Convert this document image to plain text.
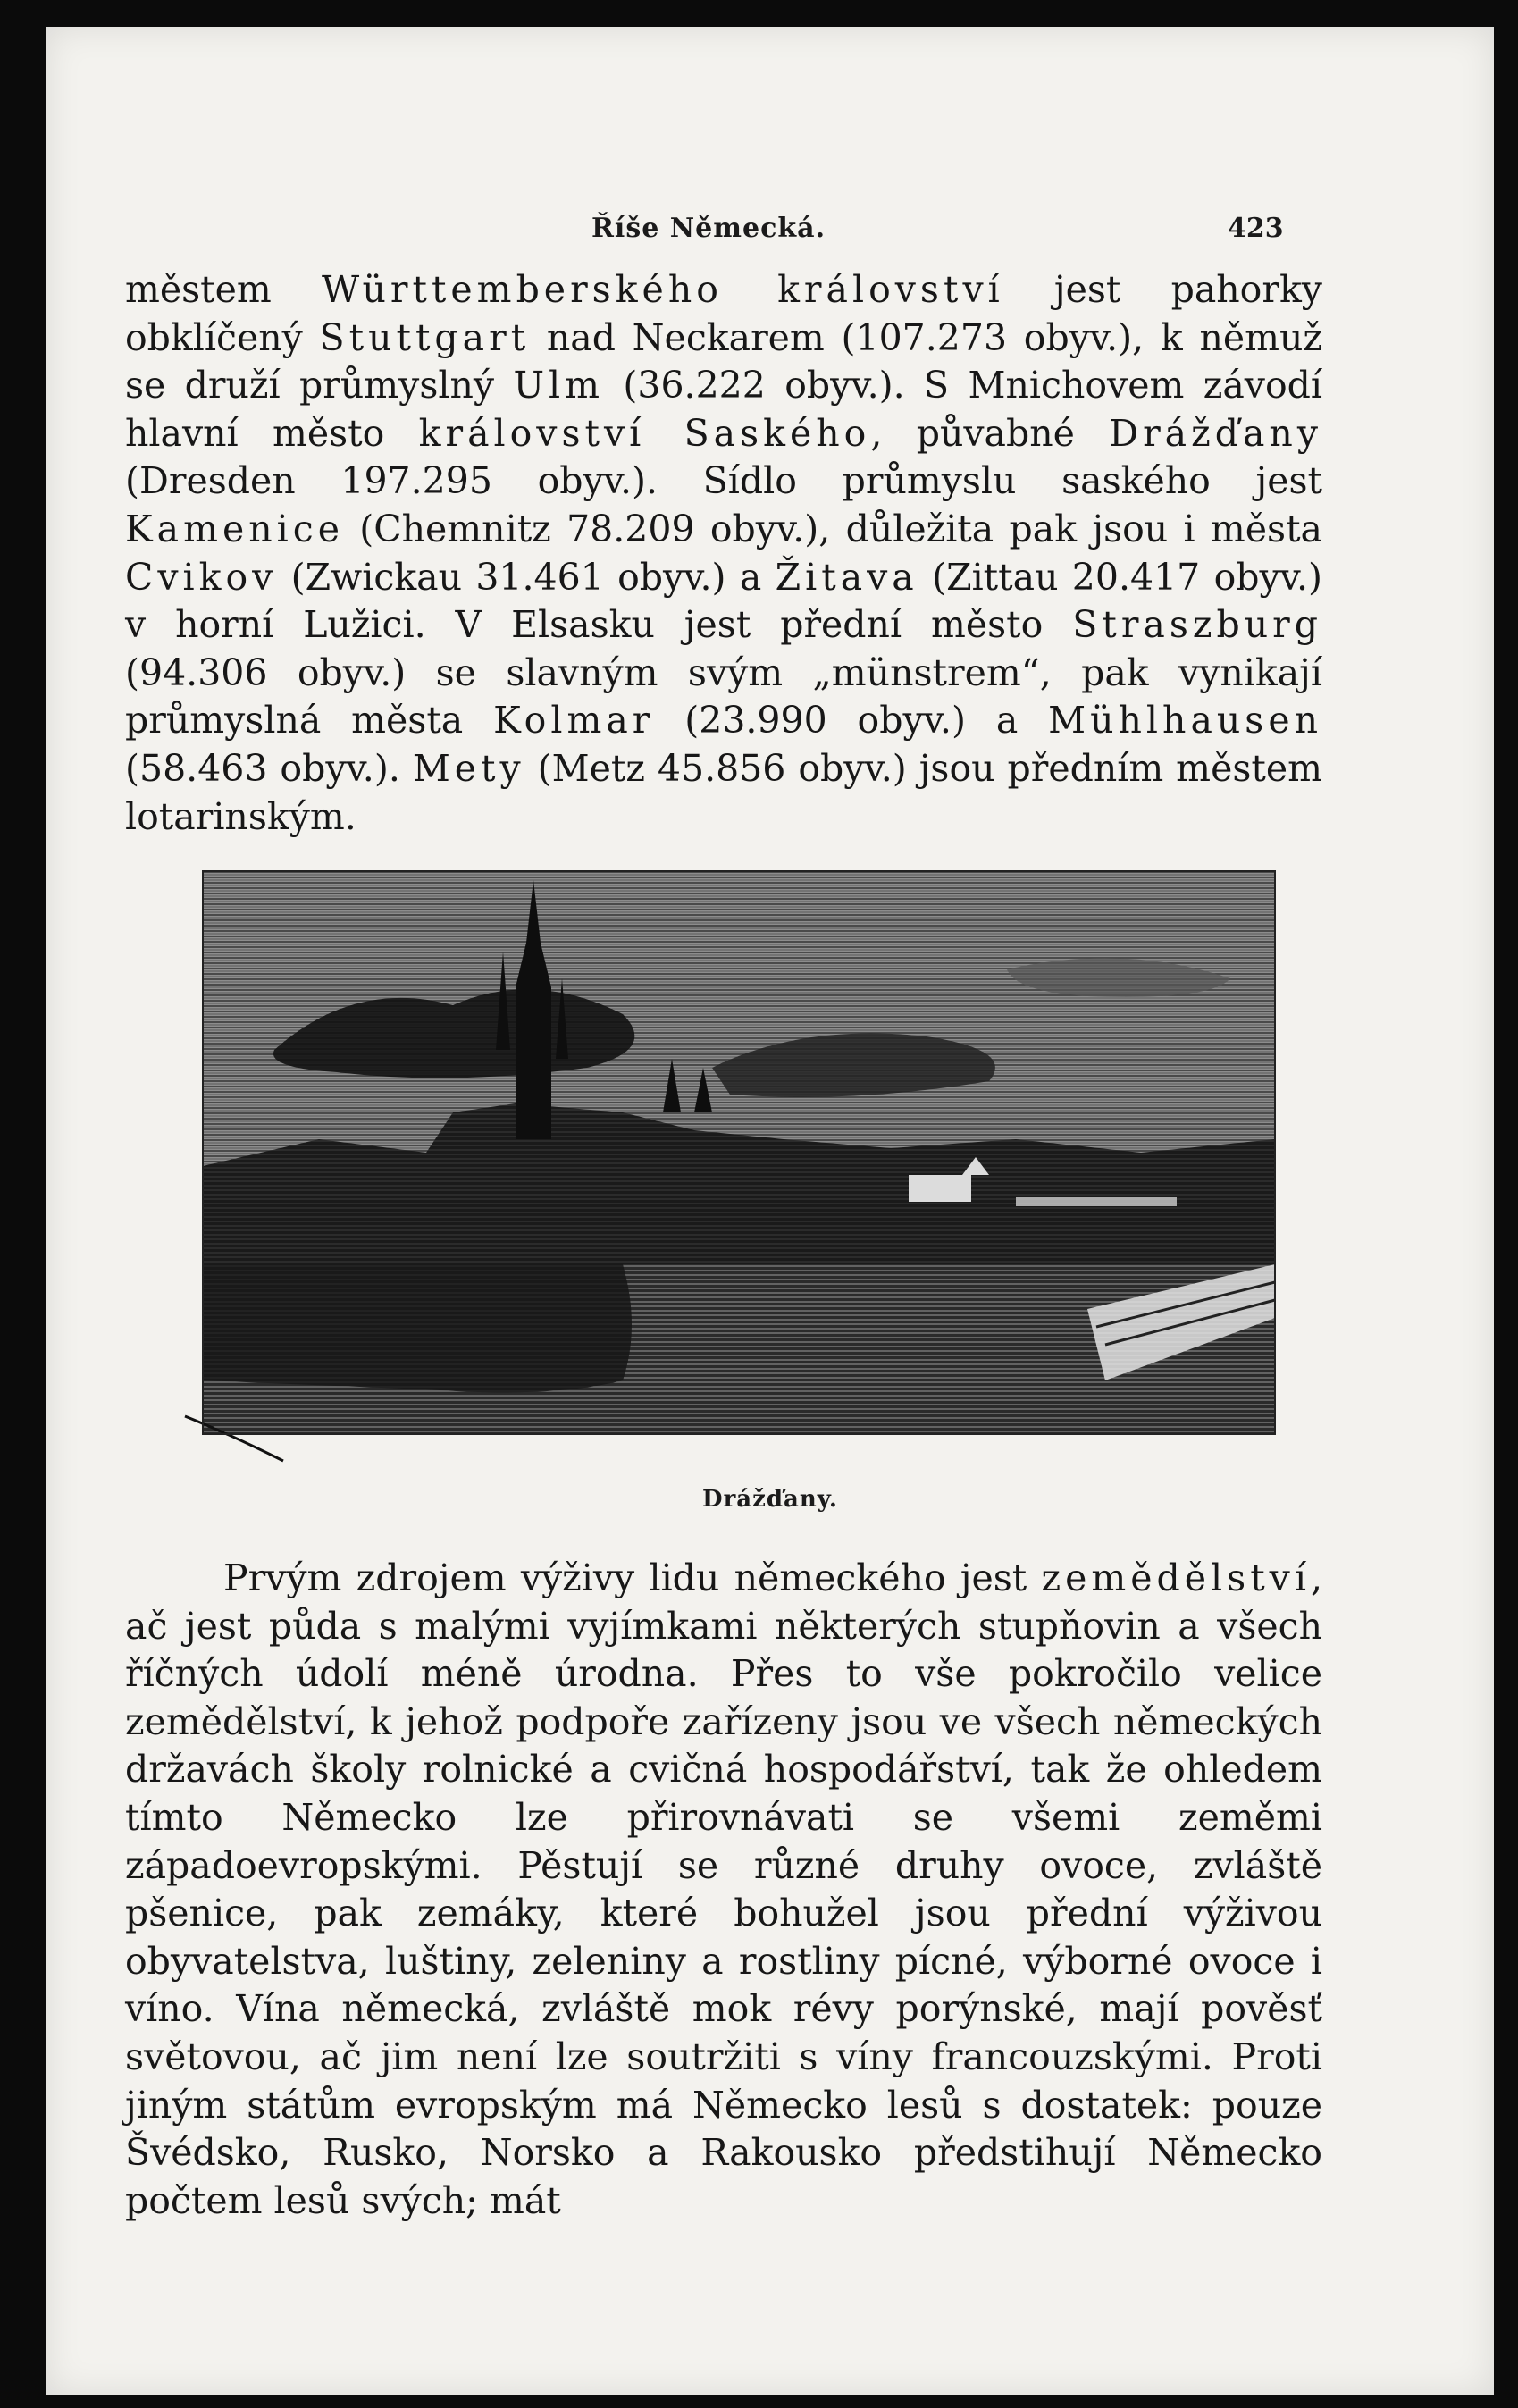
Říše Německá.	423

městem Württemberského království jest pahorky obklíčený Stuttgart nad Neckarem (107.273 obyv.), k němuž se druží průmyslný Ulm (36.222 obyv.). S Mnichovem závodí hlavní město království Saského, půvabné Drážďany (Dresden 197.295 obyv.). Sídlo průmyslu saského jest Kamenice (Chemnitz 78.209 obyv.), důležita pak jsou i města Cvikov (Zwickau 31.461 obyv.) a Žitava (Zittau 20.417 obyv.) v horní Lužici. V Elsasku jest přední město Straszburg (94.306 obyv.) se slavným svým „münstrem“, pak vynikají průmyslná města Kolmar (23.990 obyv.) a Mühlhausen (58.463 obyv.). Mety (Metz 45.856 obyv.) jsou předním městem lotarinským.

Drážďany.

Prvým zdrojem výživy lidu německého jest zemědělství, ač jest půda s malými vyjímkami některých stupňovin a všech říčných údolí méně úrodna. Přes to vše pokročilo velice zemědělství, k jehož podpoře zařízeny jsou ve všech německých državách školy rolnické a cvičná hospodářství, tak že ohledem tímto Německo lze přirovnávati se všemi zeměmi západoevropskými. Pěstují se různé druhy ovoce, zvláště pšenice, pak zemáky, které bohužel jsou přední výživou obyvatelstva, luštiny, zeleniny a rostliny pícné, výborné ovoce i víno. Vína německá, zvláště mok révy porýnské, mají pověsť světovou, ač jim není lze soutržiti s víny francouzskými. Proti jiným státům evropským má Německo lesů s dostatek: pouze Švédsko, Rusko, Norsko a Rakousko předstihují Německo počtem lesů svých; mát
